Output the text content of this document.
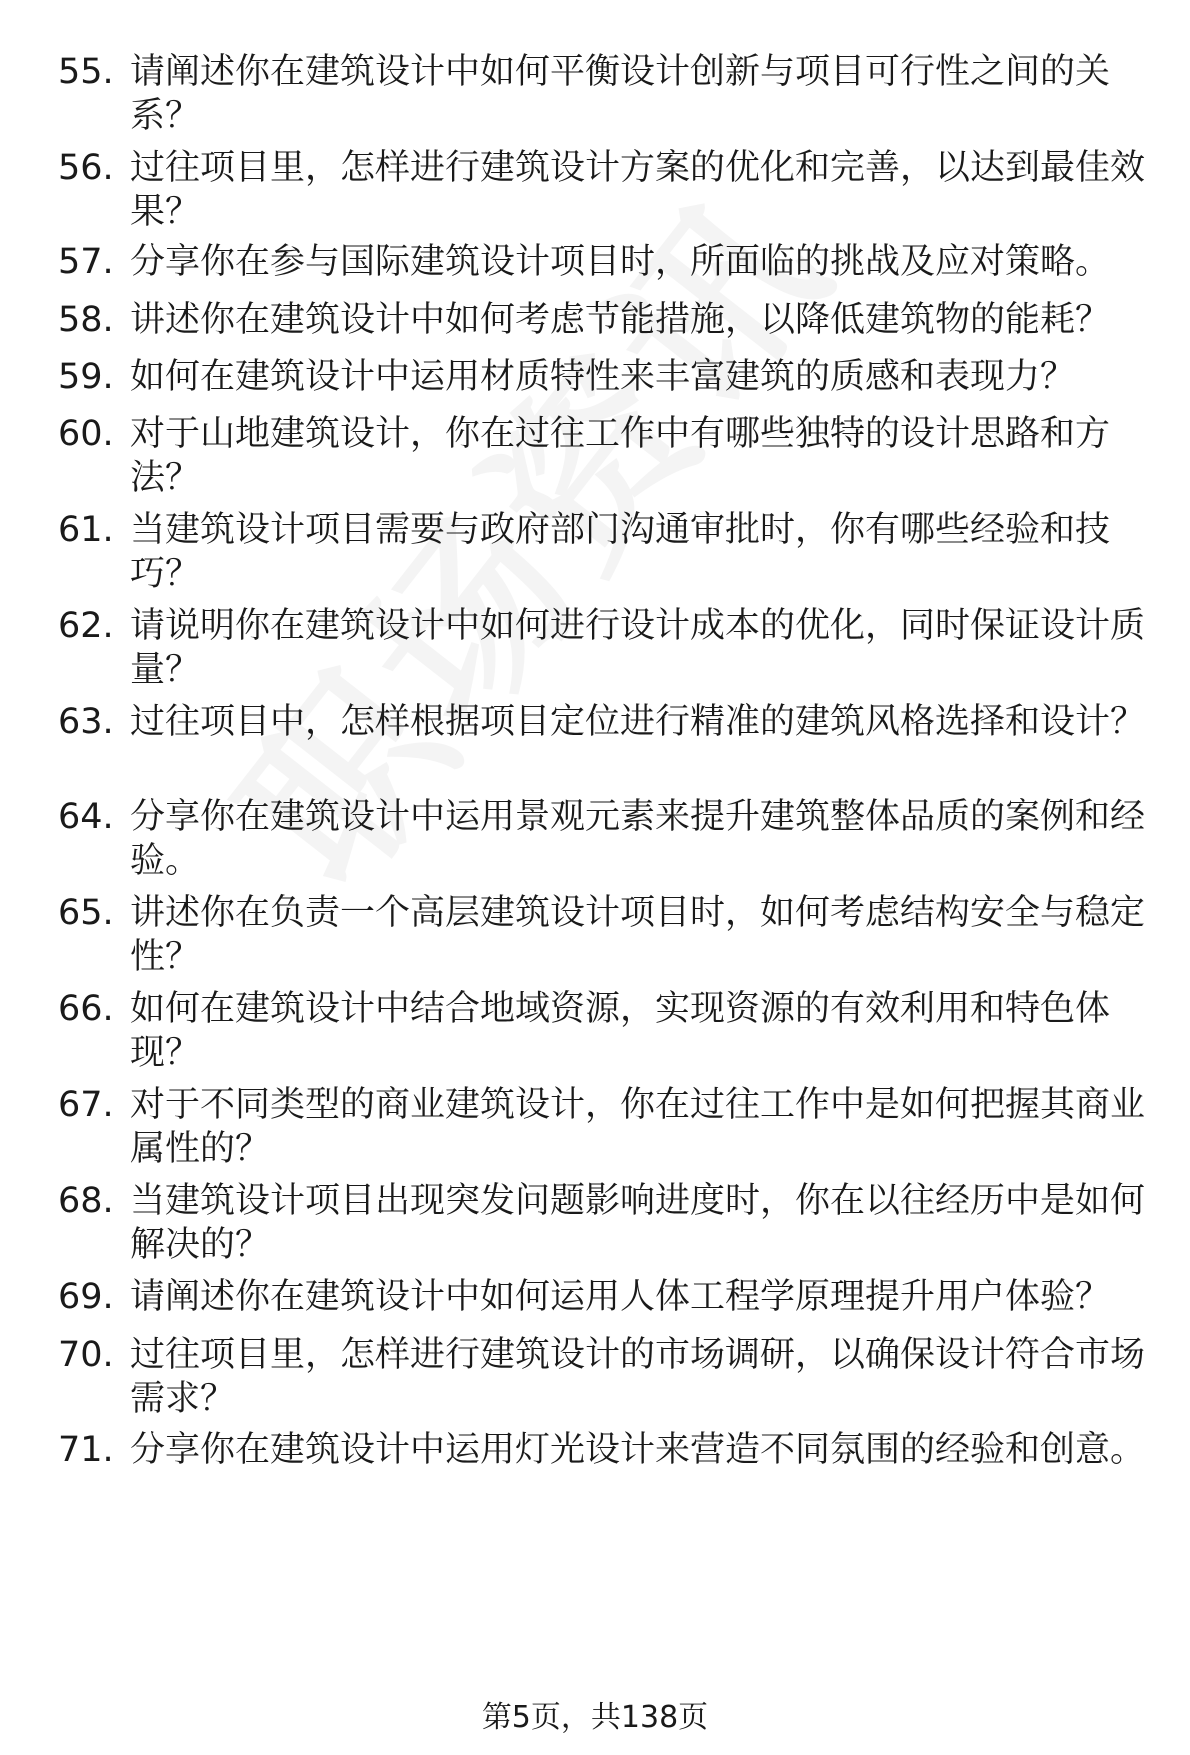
55. 请阐述你在建筑设计中如何平衡设计创新与项目可行性之间的关系？
56. 过往项目里，怎样进行建筑设计方案的优化和完善，以达到最佳效果？
57. 分享你在参与国际建筑设计项目时，所面临的挑战及应对策略。
58. 讲述你在建筑设计中如何考虑节能措施，以降低建筑物的能耗？
59. 如何在建筑设计中运用材质特性来丰富建筑的质感和表现力？
60. 对于山地建筑设计，你在过往工作中有哪些独特的设计思路和方法？
61. 当建筑设计项目需要与政府部门沟通审批时，你有哪些经验和技巧？
62. 请说明你在建筑设计中如何进行设计成本的优化，同时保证设计质量？
63. 过往项目中，怎样根据项目定位进行精准的建筑风格选择和设计？
64. 分享你在建筑设计中运用景观元素来提升建筑整体品质的案例和经验。
65. 讲述你在负责一个高层建筑设计项目时，如何考虑结构安全与稳定性？
66. 如何在建筑设计中结合地域资源，实现资源的有效利用和特色体现？
67. 对于不同类型的商业建筑设计，你在过往工作中是如何把握其商业属性的？
68. 当建筑设计项目出现突发问题影响进度时，你在以往经历中是如何解决的？
69. 请阐述你在建筑设计中如何运用人体工程学原理提升用户体验？
70. 过往项目里，怎样进行建筑设计的市场调研，以确保设计符合市场需求？
71. 分享你在建筑设计中运用灯光设计来营造不同氛围的经验和创意。
第5页，共138页
